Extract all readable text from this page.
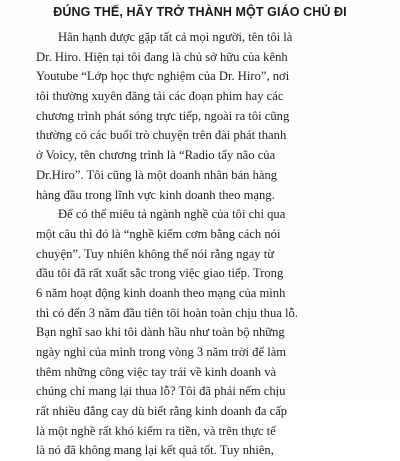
ĐÚNG THẾ, HÃY TRỞ THÀNH MỘT GIÁO CHỦ ĐI
Hân hạnh được gặp tất cả mọi người, tên tôi là
Dr. Hiro. Hiện tại tôi đang là chủ sở hữu của kênh
Youtube “Lớp học thực nghiệm của Dr. Hiro”, nơi
tôi thường xuyên đăng tải các đoạn phim hay các
chương trình phát sóng trực tiếp, ngoài ra tôi cũng
thường có các buổi trò chuyện trên đài phát thanh
ở Voicy, tên chương trình là “Radio tẩy não của
Dr.Hiro”. Tôi cũng là một doanh nhân bán hàng
hàng đầu trong lĩnh vực kinh doanh theo mạng.
Để có thể miêu tả ngành nghề của tôi chỉ qua
một câu thì đó là “nghề kiếm cơm bằng cách nói
chuyện”. Tuy nhiên không thể nói rằng ngay từ
đầu tôi đã rất xuất sắc trong việc giao tiếp. Trong
6 năm hoạt động kinh doanh theo mạng của mình
thì có đến 3 năm đầu tiên tôi hoàn toàn chịu thua lỗ.
Bạn nghĩ sao khi tôi dành hầu như toàn bộ những
ngày nghỉ của mình trong vòng 3 năm trời để làm
thêm những công việc tay trái về kinh doanh và
chúng chỉ mang lại thua lỗ? Tôi đã phải nếm chịu
rất nhiều đắng cay dù biết rằng kinh doanh đa cấp
là một nghề rất khó kiếm ra tiền, và trên thực tế
là nó đã không mang lại kết quả tốt. Tuy nhiên,
